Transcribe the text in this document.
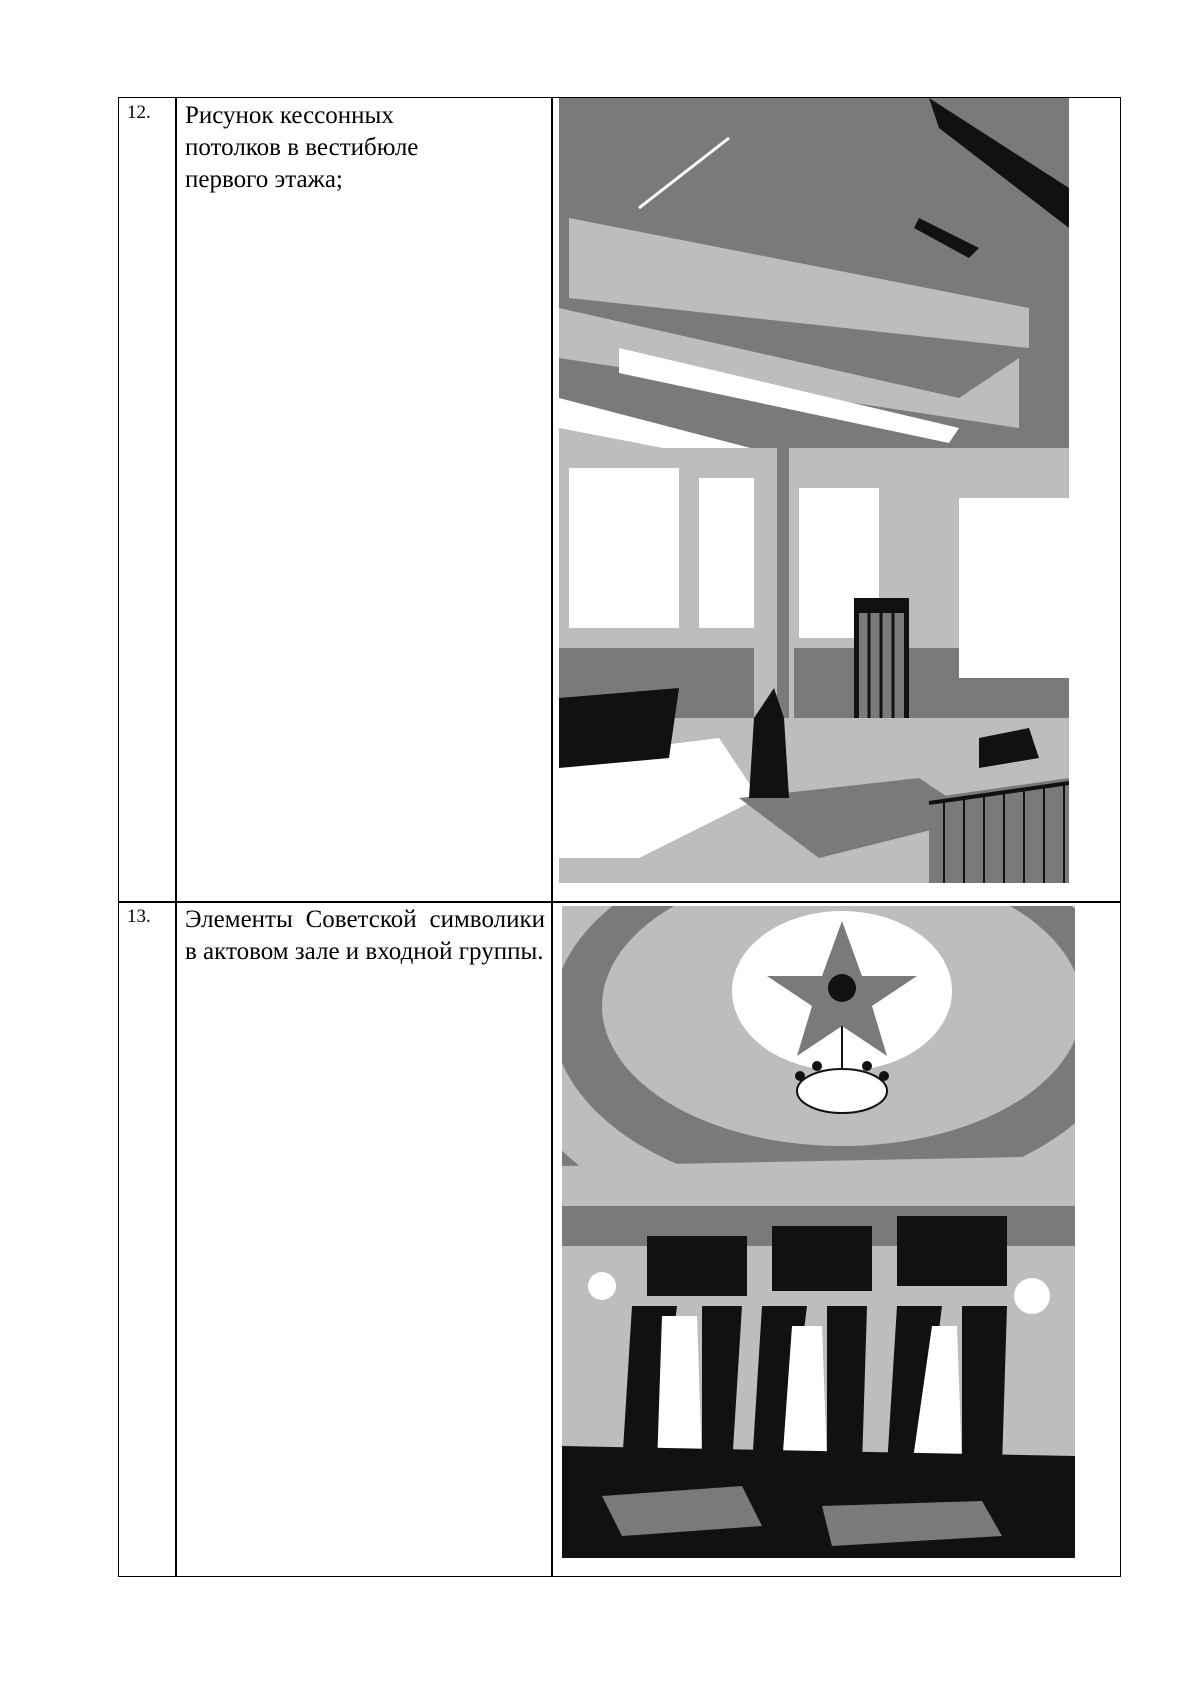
12. Рисунок кессонных потолков в вестибюле первого этажа;
13. Элементы Советской символики в актовом зале и входной группы.
